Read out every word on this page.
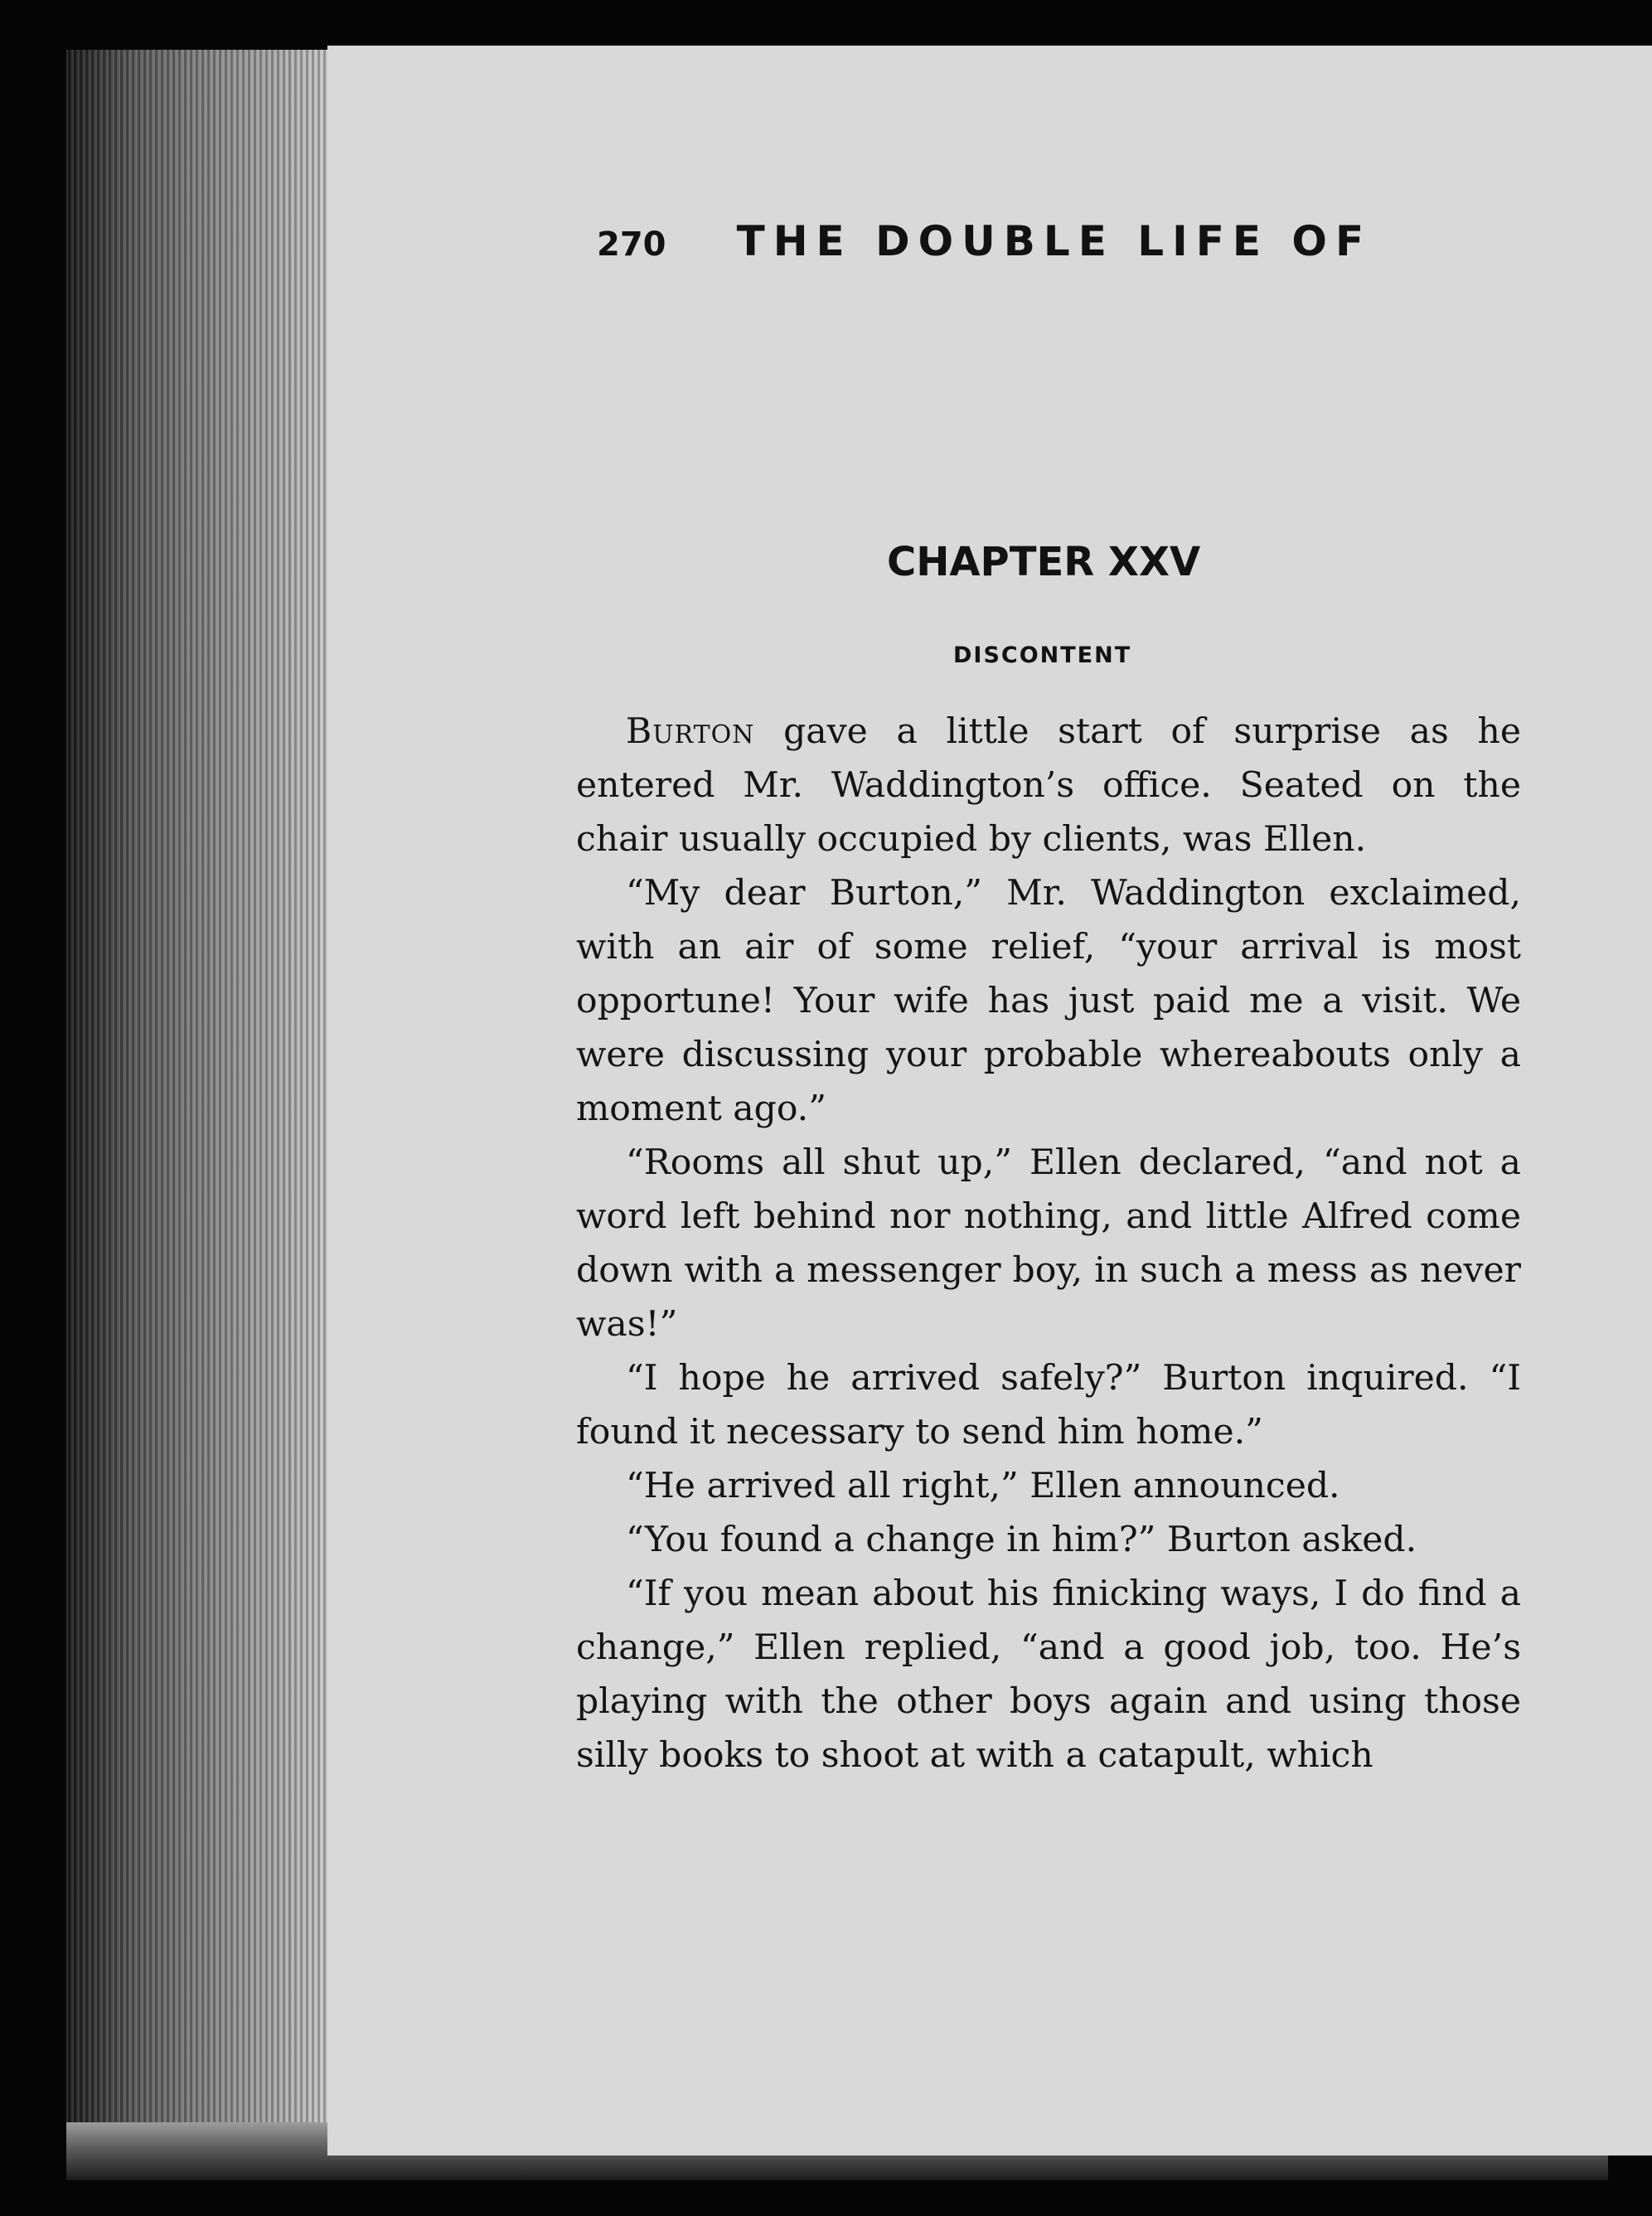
270 THE DOUBLE LIFE OF
CHAPTER XXV
DISCONTENT

Burton gave a little start of surprise as he entered Mr. Waddington’s office. Seated on the chair usually occupied by clients, was Ellen.

“My dear Burton,” Mr. Waddington exclaimed, with an air of some relief, “your arrival is most opportune! Your wife has just paid me a visit. We were discussing your probable whereabouts only a moment ago.”

“Rooms all shut up,” Ellen declared, “and not a word left behind nor nothing, and little Alfred come down with a messenger boy, in such a mess as never was!”

“I hope he arrived safely?” Burton inquired. “I found it necessary to send him home.”

“He arrived all right,” Ellen announced.

“You found a change in him?” Burton asked.

“If you mean about his finicking ways, I do find a change,” Ellen replied, “and a good job, too. He’s playing with the other boys again and using those silly books to shoot at with a catapult, which
